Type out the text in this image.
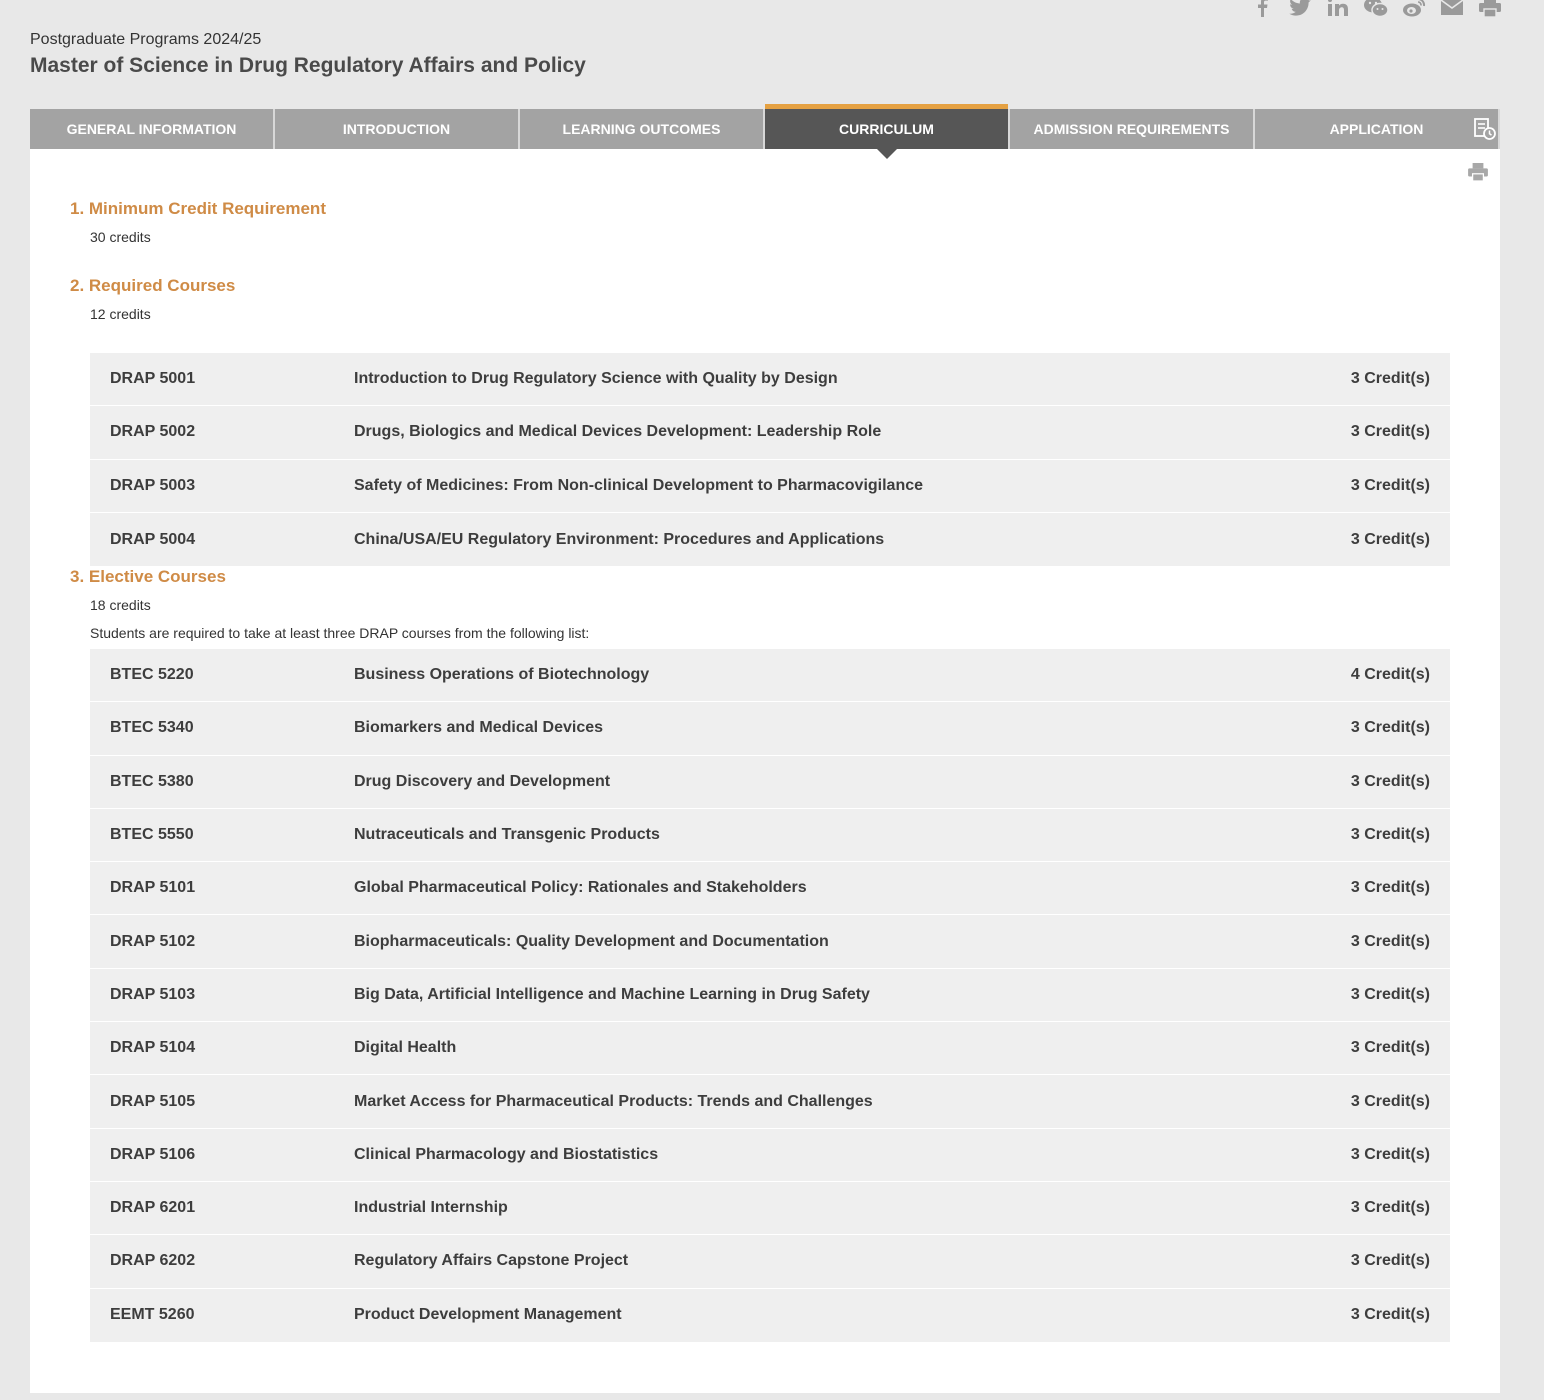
Postgraduate Programs 2024/25
Master of Science in Drug Regulatory Affairs and Policy
GENERAL INFORMATION	INTRODUCTION	LEARNING OUTCOMES	CURRICULUM	ADMISSION REQUIREMENTS	APPLICATION
1. Minimum Credit Requirement
30 credits
2. Required Courses
12 credits
DRAP 5001	Introduction to Drug Regulatory Science with Quality by Design	3 Credit(s)
DRAP 5002	Drugs, Biologics and Medical Devices Development: Leadership Role	3 Credit(s)
DRAP 5003	Safety of Medicines: From Non-clinical Development to Pharmacovigilance	3 Credit(s)
DRAP 5004	China/USA/EU Regulatory Environment: Procedures and Applications	3 Credit(s)
3. Elective Courses
18 credits
Students are required to take at least three DRAP courses from the following list:
BTEC 5220	Business Operations of Biotechnology	4 Credit(s)
BTEC 5340	Biomarkers and Medical Devices	3 Credit(s)
BTEC 5380	Drug Discovery and Development	3 Credit(s)
BTEC 5550	Nutraceuticals and Transgenic Products	3 Credit(s)
DRAP 5101	Global Pharmaceutical Policy: Rationales and Stakeholders	3 Credit(s)
DRAP 5102	Biopharmaceuticals: Quality Development and Documentation	3 Credit(s)
DRAP 5103	Big Data, Artificial Intelligence and Machine Learning in Drug Safety	3 Credit(s)
DRAP 5104	Digital Health	3 Credit(s)
DRAP 5105	Market Access for Pharmaceutical Products: Trends and Challenges	3 Credit(s)
DRAP 5106	Clinical Pharmacology and Biostatistics	3 Credit(s)
DRAP 6201	Industrial Internship	3 Credit(s)
DRAP 6202	Regulatory Affairs Capstone Project	3 Credit(s)
EEMT 5260	Product Development Management	3 Credit(s)
